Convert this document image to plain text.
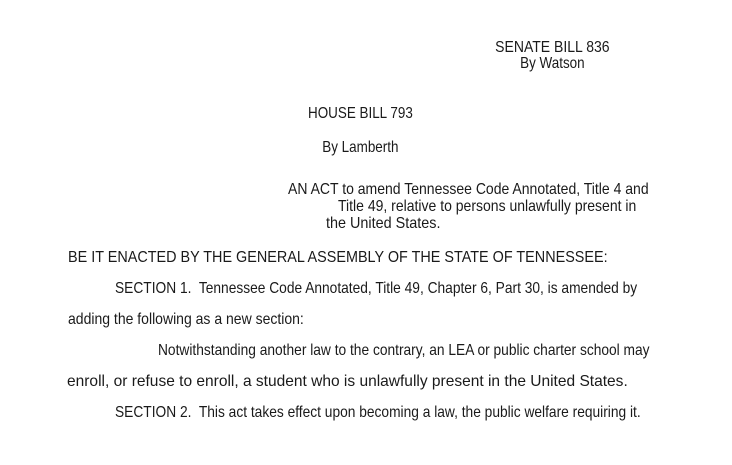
SENATE BILL 836
By Watson
HOUSE BILL 793
By Lamberth
AN ACT to amend Tennessee Code Annotated, Title 4 and
Title 49, relative to persons unlawfully present in
the United States.
BE IT ENACTED BY THE GENERAL ASSEMBLY OF THE STATE OF TENNESSEE:
SECTION 1.  Tennessee Code Annotated, Title 49, Chapter 6, Part 30, is amended by
adding the following as a new section:
Notwithstanding another law to the contrary, an LEA or public charter school may
enroll, or refuse to enroll, a student who is unlawfully present in the United States.
SECTION 2.  This act takes effect upon becoming a law, the public welfare requiring it.
